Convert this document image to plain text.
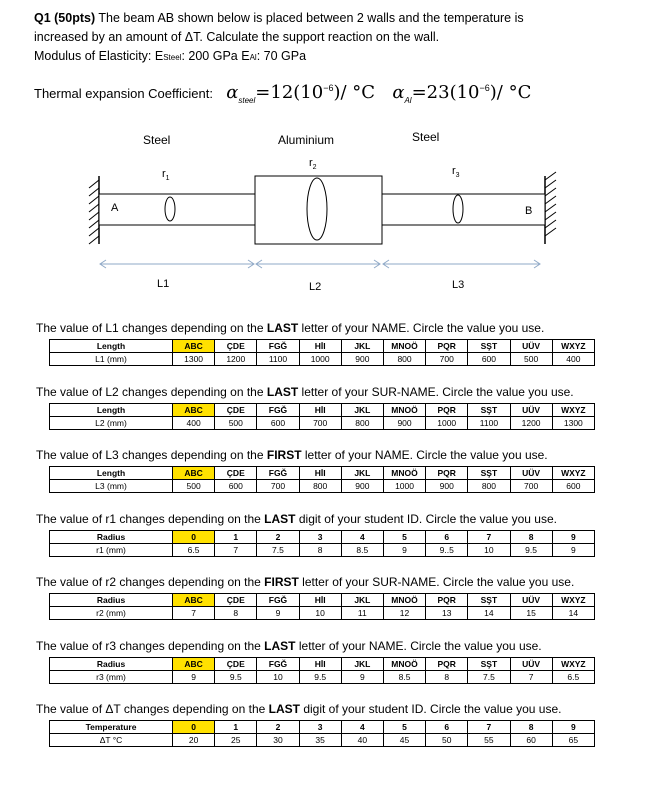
Q1 (50pts) The beam AB shown below is placed between 2 walls and the temperature is
increased by an amount of ΔT. Calculate the support reaction on the wall.
Modulus of Elasticity: ESteel: 200 GPa EAl: 70 GPa
Thermal expansion Coefficient: $\alpha_{steel}=12(10^{-6})/$ °C $\alpha_{Al}=23(10^{-6})/$ °C
Steel	Aluminium	Steel
$r_1$
$r_2$	$r_3$
A	B
L1	L2	L3
The value of L1 changes depending on the LAST letter of your NAME. Circle the value you use.
Length	ABC	ÇDE	FGĞ	HİI	JKL	MNOÖ	PQR	SŞT	UÜV	WXYZ
L1 (mm)	1300	1200	1100	1000	900	800	700	600	500	400
The value of L2 changes depending on the LAST letter of your SUR-NAME. Circle the value you use.
Length	ABC	ÇDE	FGĞ	HİI	JKL	MNOÖ	PQR	SŞT	UÜV	WXYZ
L2 (mm)	400	500	600	700	800	900	1000	1100	1200	1300
The value of L3 changes depending on the FIRST letter of your NAME. Circle the value you use.
Length	ABC	ÇDE	FGĞ	HİI	JKL	MNOÖ	PQR	SŞT	UÜV	WXYZ
L3 (mm)	500	600	700	800	900	1000	900	800	700	600
The value of r1 changes depending on the LAST digit of your student ID. Circle the value you use.
Radius	0	1	2	3	4	5	6	7	8	9
r1 (mm)	6.5	7	7.5	8	8.5	9	9..5	10	9.5	9
The value of r2 changes depending on the FIRST letter of your SUR-NAME. Circle the value you use.
Radius	ABC	ÇDE	FGĞ	HİI	JKL	MNOÖ	PQR	SŞT	UÜV	WXYZ
r2 (mm)	7	8	9	10	11	12	13	14	15	14
The value of r3 changes depending on the LAST letter of your NAME. Circle the value you use.
Radius	ABC	ÇDE	FGĞ	HİI	JKL	MNOÖ	PQR	SŞT	UÜV	WXYZ
r3 (mm)	9	9.5	10	9.5	9	8.5	8	7.5	7	6.5
The value of ΔT changes depending on the LAST digit of your student ID. Circle the value you use.
Temperature	0	1	2	3	4	5	6	7	8	9
ΔT °C	20	25	30	35	40	45	50	55	60	65
